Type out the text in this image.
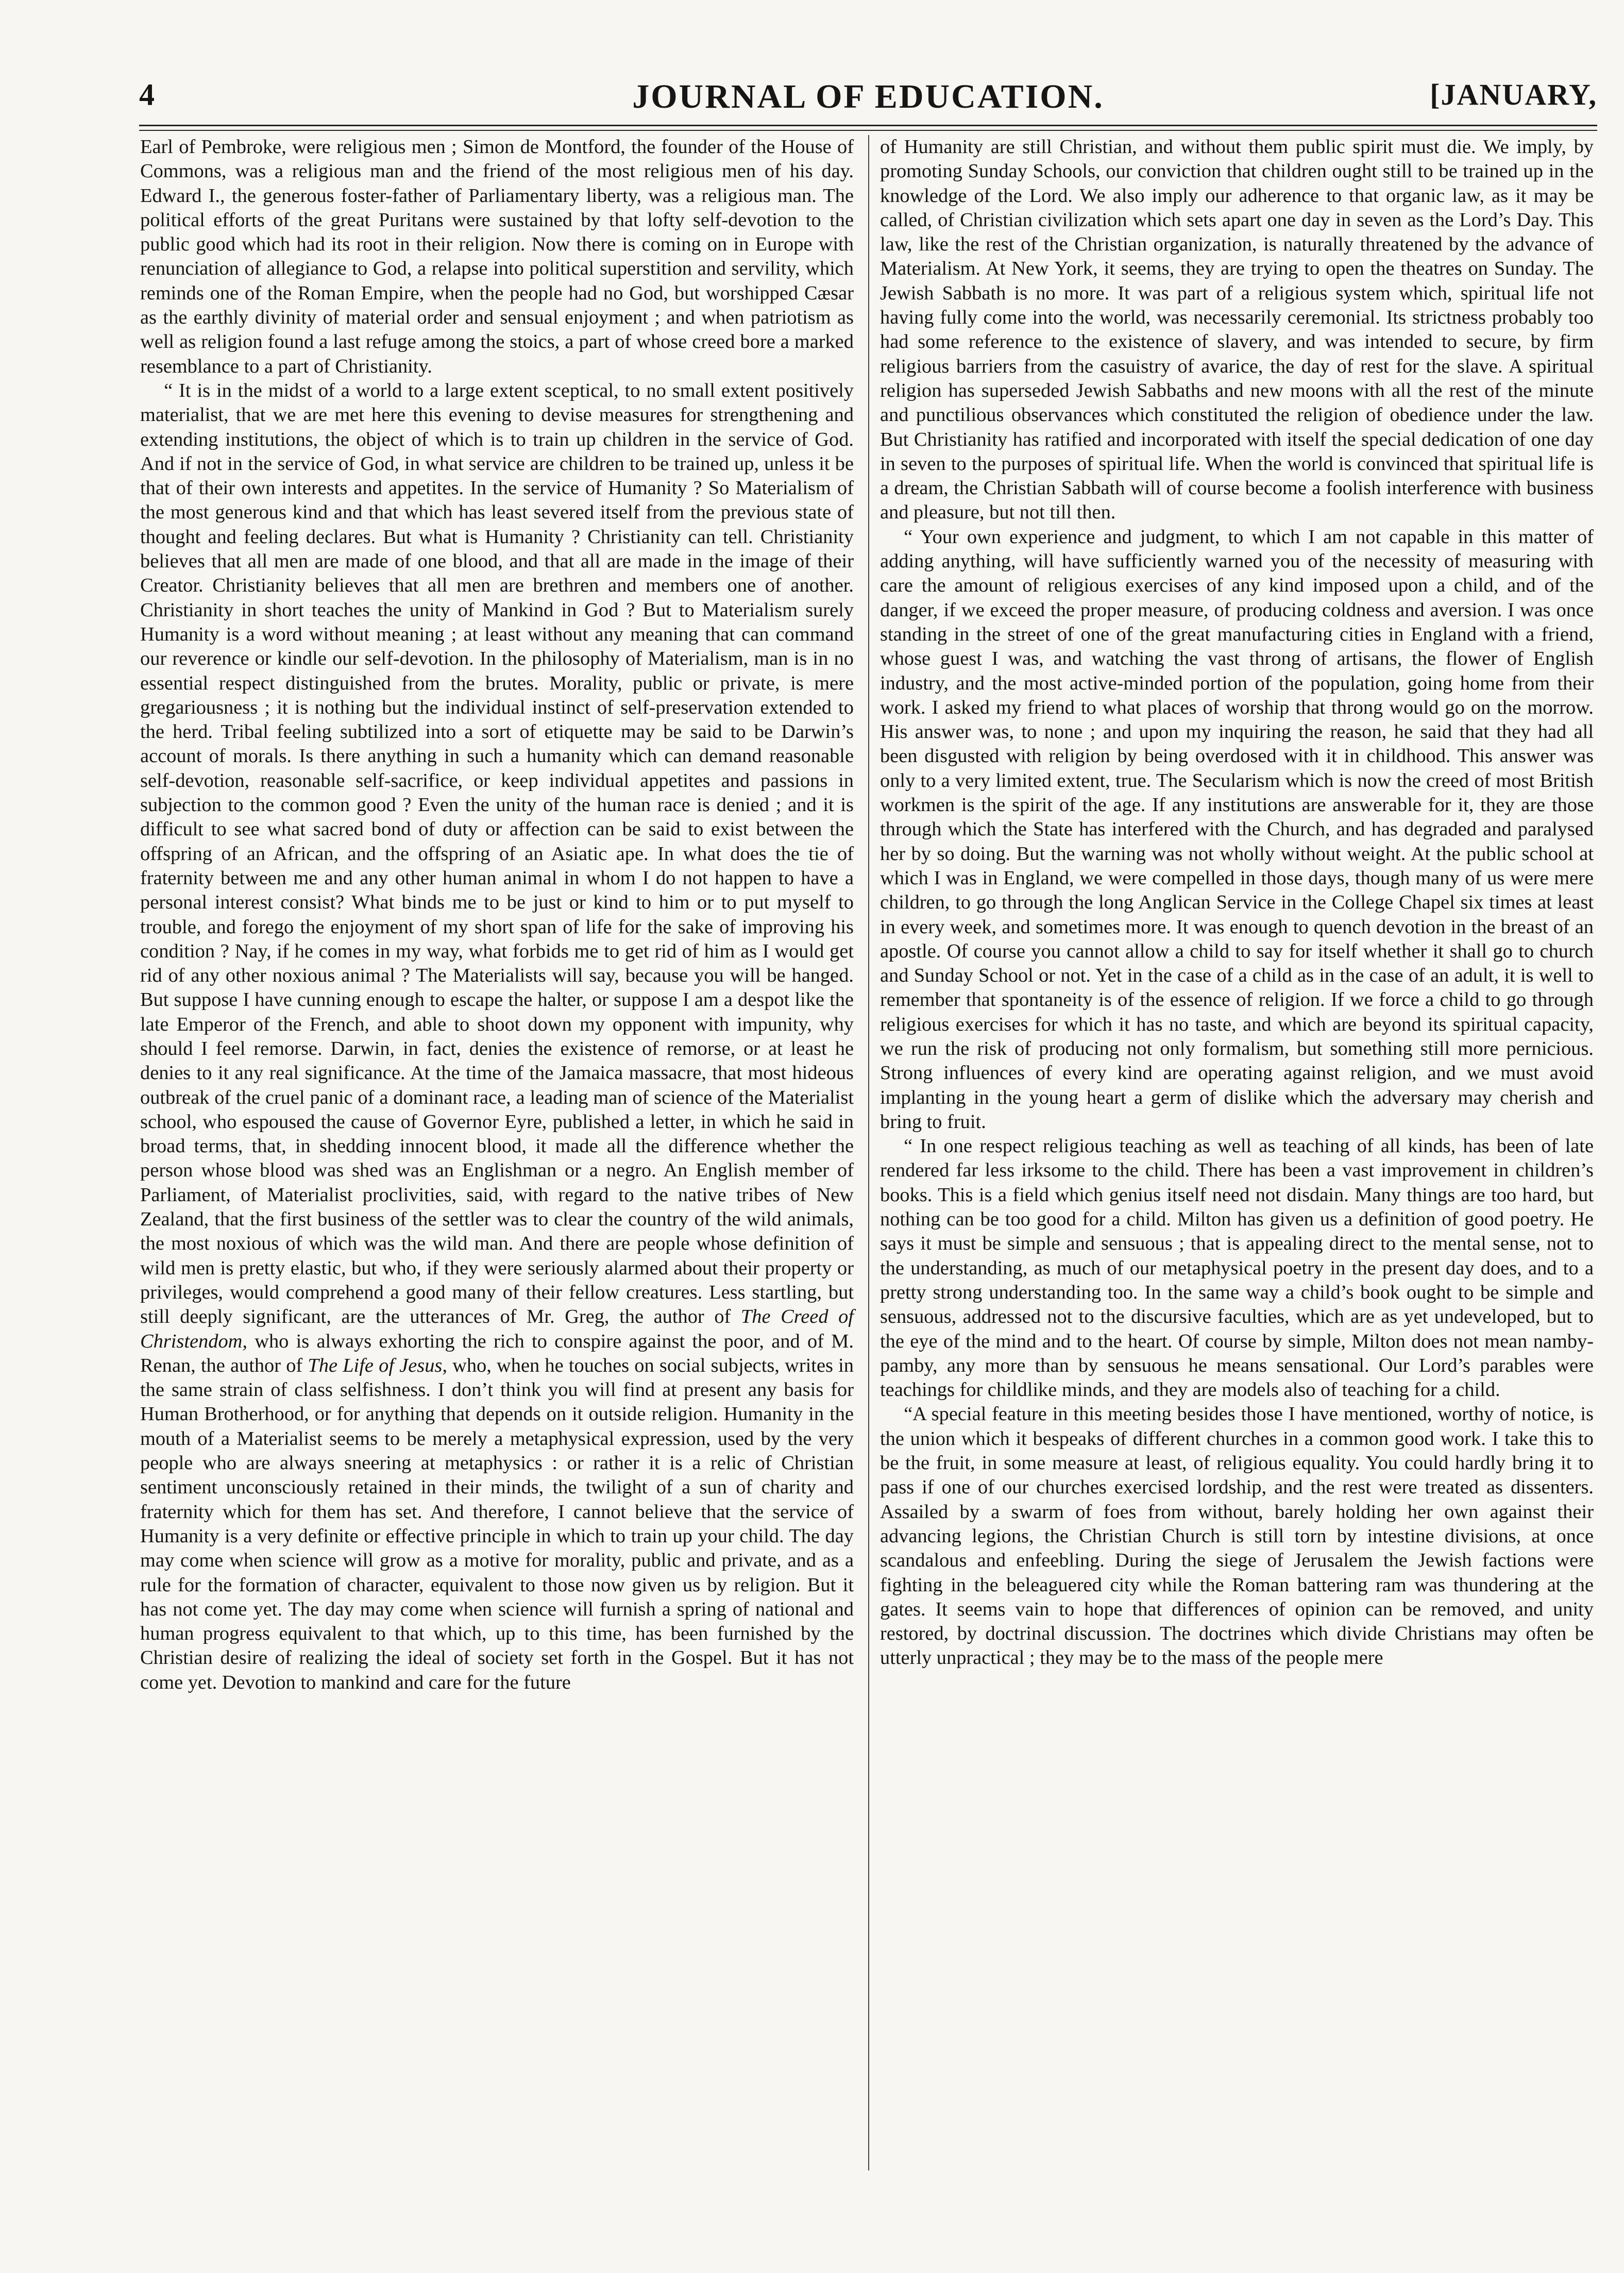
4	JOURNAL OF EDUCATION.	[JANUARY,

Earl of Pembroke, were religious men ; Simon de Montford, the founder of the House of Commons, was a religious man and the friend of the most religious men of his day. Edward I., the generous foster-father of Parliamentary liberty, was a religious man. The political efforts of the great Puritans were sustained by that lofty self-devotion to the public good which had its root in their religion. Now there is coming on in Europe with renunciation of allegiance to God, a relapse into political superstition and servility, which reminds one of the Roman Empire, when the people had no God, but worshipped Cæsar as the earthly divinity of material order and sensual enjoyment ; and when patriotism as well as religion found a last refuge among the stoics, a part of whose creed bore a marked resemblance to a part of Christianity.

“ It is in the midst of a world to a large extent sceptical, to no small extent positively materialist, that we are met here this evening to devise measures for strengthening and extending institutions, the object of which is to train up children in the service of God. And if not in the service of God, in what service are children to be trained up, unless it be that of their own interests and appetites. In the service of Humanity ? So Materialism of the most generous kind and that which has least severed itself from the previous state of thought and feeling declares. But what is Humanity ? Christianity can tell. Christianity believes that all men are made of one blood, and that all are made in the image of their Creator. Christianity believes that all men are brethren and members one of another. Christianity in short teaches the unity of Mankind in God ? But to Materialism surely Humanity is a word without meaning ; at least without any meaning that can command our reverence or kindle our self-devotion. In the philosophy of Materialism, man is in no essential respect distinguished from the brutes. Morality, public or private, is mere gregariousness ; it is nothing but the individual instinct of self-preservation extended to the herd. Tribal feeling subtilized into a sort of etiquette may be said to be Darwin’s account of morals. Is there anything in such a humanity which can demand reasonable self-devotion, reasonable self-sacrifice, or keep individual appetites and passions in subjection to the common good ? Even the unity of the human race is denied ; and it is difficult to see what sacred bond of duty or affection can be said to exist between the offspring of an African, and the offspring of an Asiatic ape. In what does the tie of fraternity between me and any other human animal in whom I do not happen to have a personal interest consist? What binds me to be just or kind to him or to put myself to trouble, and forego the enjoyment of my short span of life for the sake of improving his condition ? Nay, if he comes in my way, what forbids me to get rid of him as I would get rid of any other noxious animal ? The Materialists will say, because you will be hanged. But suppose I have cunning enough to escape the halter, or suppose I am a despot like the late Emperor of the French, and able to shoot down my opponent with impunity, why should I feel remorse. Darwin, in fact, denies the existence of remorse, or at least he denies to it any real significance. At the time of the Jamaica massacre, that most hideous outbreak of the cruel panic of a dominant race, a leading man of science of the Materialist school, who espoused the cause of Governor Eyre, published a letter, in which he said in broad terms, that, in shedding innocent blood, it made all the difference whether the person whose blood was shed was an Englishman or a negro. An English member of Parliament, of Materialist proclivities, said, with regard to the native tribes of New Zealand, that the first business of the settler was to clear the country of the wild animals, the most noxious of which was the wild man. And there are people whose definition of wild men is pretty elastic, but who, if they were seriously alarmed about their property or privileges, would comprehend a good many of their fellow creatures. Less startling, but still deeply significant, are the utterances of Mr. Greg, the author of The Creed of Christendom, who is always exhorting the rich to conspire against the poor, and of M. Renan, the author of The Life of Jesus, who, when he touches on social subjects, writes in the same strain of class selfishness. I don’t think you will find at present any basis for Human Brotherhood, or for anything that depends on it outside religion. Humanity in the mouth of a Materialist seems to be merely a metaphysical expression, used by the very people who are always sneering at metaphysics : or rather it is a relic of Christian sentiment unconsciously retained in their minds, the twilight of a sun of charity and fraternity which for them has set. And therefore, I cannot believe that the service of Humanity is a very definite or effective principle in which to train up your child. The day may come when science will grow as a motive for morality, public and private, and as a rule for the formation of character, equivalent to those now given us by religion. But it has not come yet. The day may come when science will furnish a spring of national and human progress equivalent to that which, up to this time, has been furnished by the Christian desire of realizing the ideal of society set forth in the Gospel. But it has not come yet. Devotion to mankind and care for the future

of Humanity are still Christian, and without them public spirit must die. We imply, by promoting Sunday Schools, our conviction that children ought still to be trained up in the knowledge of the Lord. We also imply our adherence to that organic law, as it may be called, of Christian civilization which sets apart one day in seven as the Lord’s Day. This law, like the rest of the Christian organization, is naturally threatened by the advance of Materialism. At New York, it seems, they are trying to open the theatres on Sunday. The Jewish Sabbath is no more. It was part of a religious system which, spiritual life not having fully come into the world, was necessarily ceremonial. Its strictness probably too had some reference to the existence of slavery, and was intended to secure, by firm religious barriers from the casuistry of avarice, the day of rest for the slave. A spiritual religion has superseded Jewish Sabbaths and new moons with all the rest of the minute and punctilious observances which constituted the religion of obedience under the law. But Christianity has ratified and incorporated with itself the special dedication of one day in seven to the purposes of spiritual life. When the world is convinced that spiritual life is a dream, the Christian Sabbath will of course become a foolish interference with business and pleasure, but not till then.

“ Your own experience and judgment, to which I am not capable in this matter of adding anything, will have sufficiently warned you of the necessity of measuring with care the amount of religious exercises of any kind imposed upon a child, and of the danger, if we exceed the proper measure, of producing coldness and aversion. I was once standing in the street of one of the great manufacturing cities in England with a friend, whose guest I was, and watching the vast throng of artisans, the flower of English industry, and the most active-minded portion of the population, going home from their work. I asked my friend to what places of worship that throng would go on the morrow. His answer was, to none ; and upon my inquiring the reason, he said that they had all been disgusted with religion by being overdosed with it in childhood. This answer was only to a very limited extent, true. The Secularism which is now the creed of most British workmen is the spirit of the age. If any institutions are answerable for it, they are those through which the State has interfered with the Church, and has degraded and paralysed her by so doing. But the warning was not wholly without weight. At the public school at which I was in England, we were compelled in those days, though many of us were mere children, to go through the long Anglican Service in the College Chapel six times at least in every week, and sometimes more. It was enough to quench devotion in the breast of an apostle. Of course you cannot allow a child to say for itself whether it shall go to church and Sunday School or not. Yet in the case of a child as in the case of an adult, it is well to remember that spontaneity is of the essence of religion. If we force a child to go through religious exercises for which it has no taste, and which are beyond its spiritual capacity, we run the risk of producing not only formalism, but something still more pernicious. Strong influences of every kind are operating against religion, and we must avoid implanting in the young heart a germ of dislike which the adversary may cherish and bring to fruit.

“ In one respect religious teaching as well as teaching of all kinds, has been of late rendered far less irksome to the child. There has been a vast improvement in children’s books. This is a field which genius itself need not disdain. Many things are too hard, but nothing can be too good for a child. Milton has given us a definition of good poetry. He says it must be simple and sensuous ; that is appealing direct to the mental sense, not to the understanding, as much of our metaphysical poetry in the present day does, and to a pretty strong understanding too. In the same way a child’s book ought to be simple and sensuous, addressed not to the discursive faculties, which are as yet undeveloped, but to the eye of the mind and to the heart. Of course by simple, Milton does not mean namby-pamby, any more than by sensuous he means sensational. Our Lord’s parables were teachings for childlike minds, and they are models also of teaching for a child.

“A special feature in this meeting besides those I have mentioned, worthy of notice, is the union which it bespeaks of different churches in a common good work. I take this to be the fruit, in some measure at least, of religious equality. You could hardly bring it to pass if one of our churches exercised lordship, and the rest were treated as dissenters. Assailed by a swarm of foes from without, barely holding her own against their advancing legions, the Christian Church is still torn by intestine divisions, at once scandalous and enfeebling. During the siege of Jerusalem the Jewish factions were fighting in the beleaguered city while the Roman battering ram was thundering at the gates. It seems vain to hope that differences of opinion can be removed, and unity restored, by doctrinal discussion. The doctrines which divide Christians may often be utterly unpractical ; they may be to the mass of the people mere
